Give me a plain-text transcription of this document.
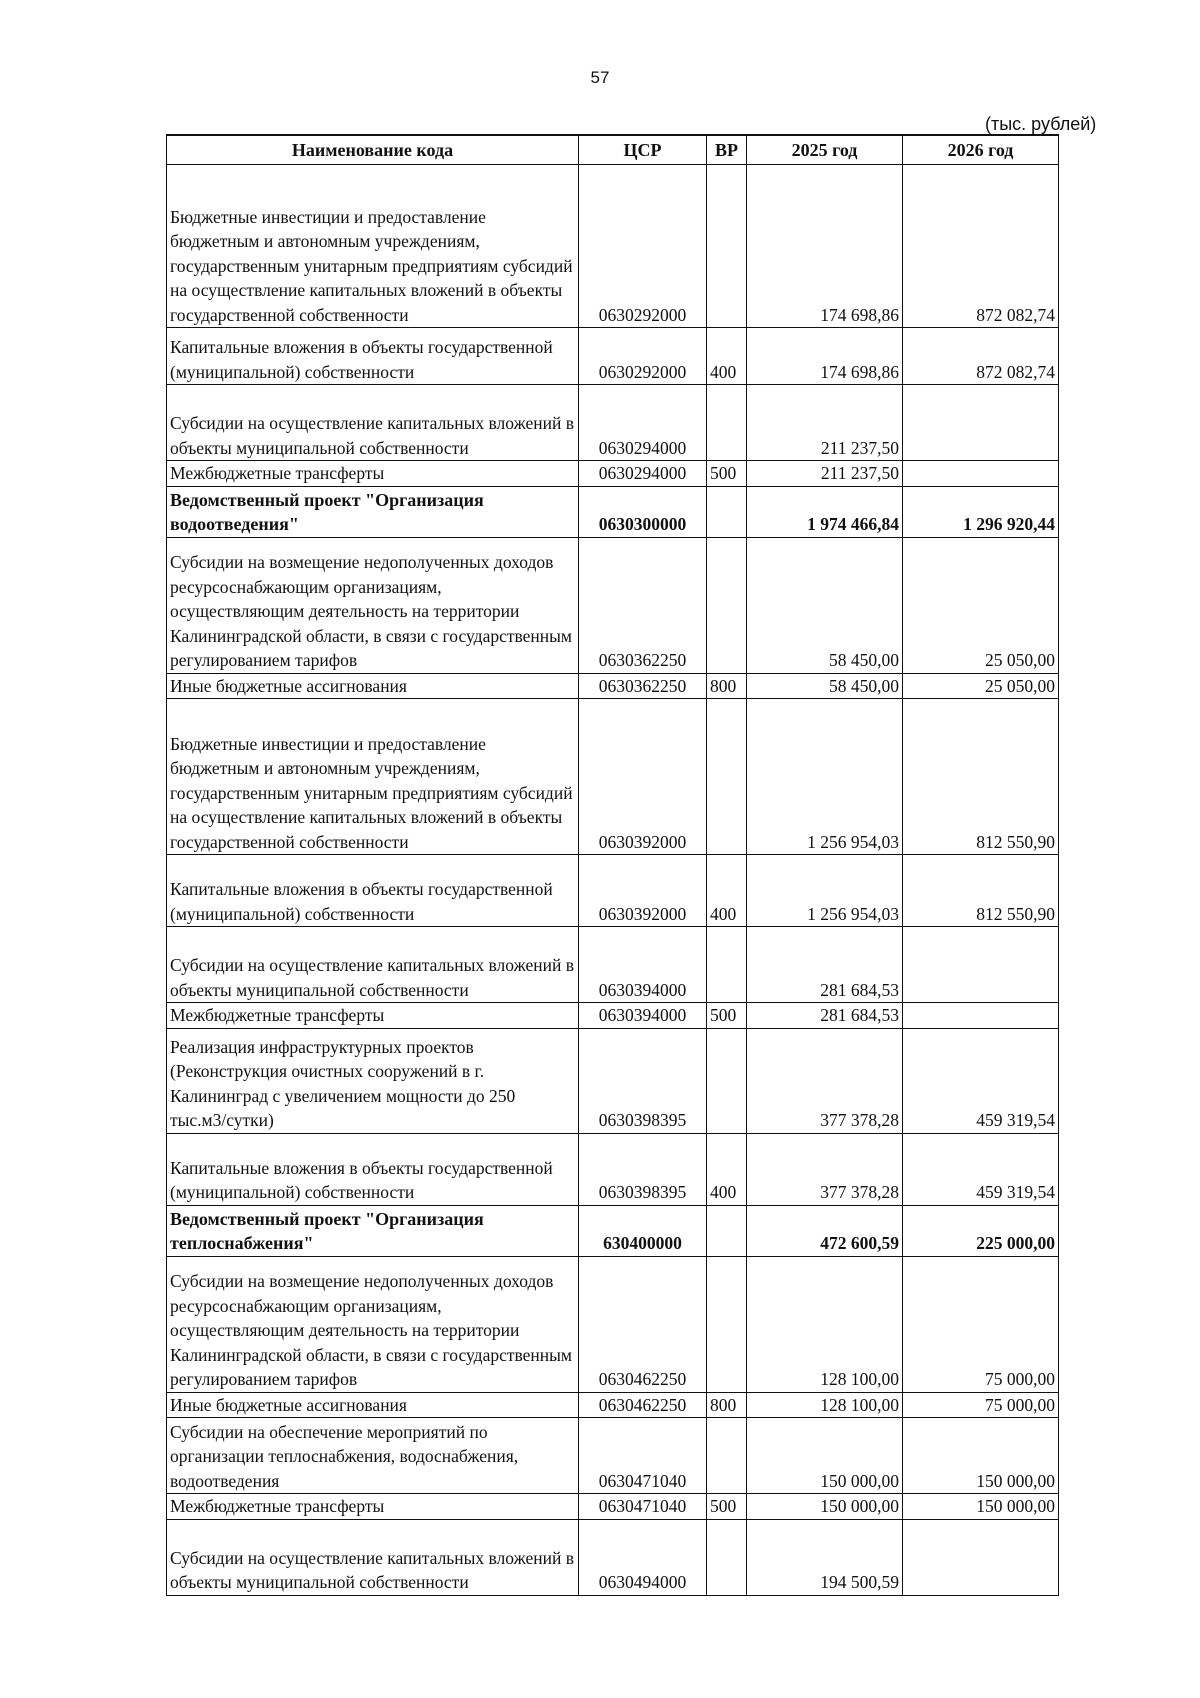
57
(тыс. рублей)
Наименование кода	ЦСР	ВР	2025 год	2026 год
Бюджетные инвестиции и предоставление бюджетным и автономным учреждениям, государственным унитарным предприятиям субсидий на осуществление капитальных вложений в объекты государственной собственности	0630292000		174 698,86	872 082,74
Капитальные вложения в объекты государственной (муниципальной) собственности	0630292000	400	174 698,86	872 082,74
Субсидии на осуществление капитальных вложений в объекты муниципальной собственности	0630294000		211 237,50	
Межбюджетные трансферты	0630294000	500	211 237,50	
Ведомственный проект "Организация водоотведения"	0630300000		1 974 466,84	1 296 920,44
Субсидии на возмещение недополученных доходов ресурсоснабжающим организациям, осуществляющим деятельность на территории Калининградской области, в связи с государственным регулированием тарифов	0630362250		58 450,00	25 050,00
Иные бюджетные ассигнования	0630362250	800	58 450,00	25 050,00
Бюджетные инвестиции и предоставление бюджетным и автономным учреждениям, государственным унитарным предприятиям субсидий на осуществление капитальных вложений в объекты государственной собственности	0630392000		1 256 954,03	812 550,90
Капитальные вложения в объекты государственной (муниципальной) собственности	0630392000	400	1 256 954,03	812 550,90
Субсидии на осуществление капитальных вложений в объекты муниципальной собственности	0630394000		281 684,53	
Межбюджетные трансферты	0630394000	500	281 684,53	
Реализация инфраструктурных проектов (Реконструкция очистных сооружений в г. Калининград с увеличением мощности до 250 тыс.м3/сутки)	0630398395		377 378,28	459 319,54
Капитальные вложения в объекты государственной (муниципальной) собственности	0630398395	400	377 378,28	459 319,54
Ведомственный проект "Организация теплоснабжения"	630400000		472 600,59	225 000,00
Субсидии на возмещение недополученных доходов ресурсоснабжающим организациям, осуществляющим деятельность на территории Калининградской области, в связи с государственным регулированием тарифов	0630462250		128 100,00	75 000,00
Иные бюджетные ассигнования	0630462250	800	128 100,00	75 000,00
Субсидии на обеспечение мероприятий по организации теплоснабжения, водоснабжения, водоотведения	0630471040		150 000,00	150 000,00
Межбюджетные трансферты	0630471040	500	150 000,00	150 000,00
Субсидии на осуществление капитальных вложений в объекты муниципальной собственности	0630494000		194 500,59	
